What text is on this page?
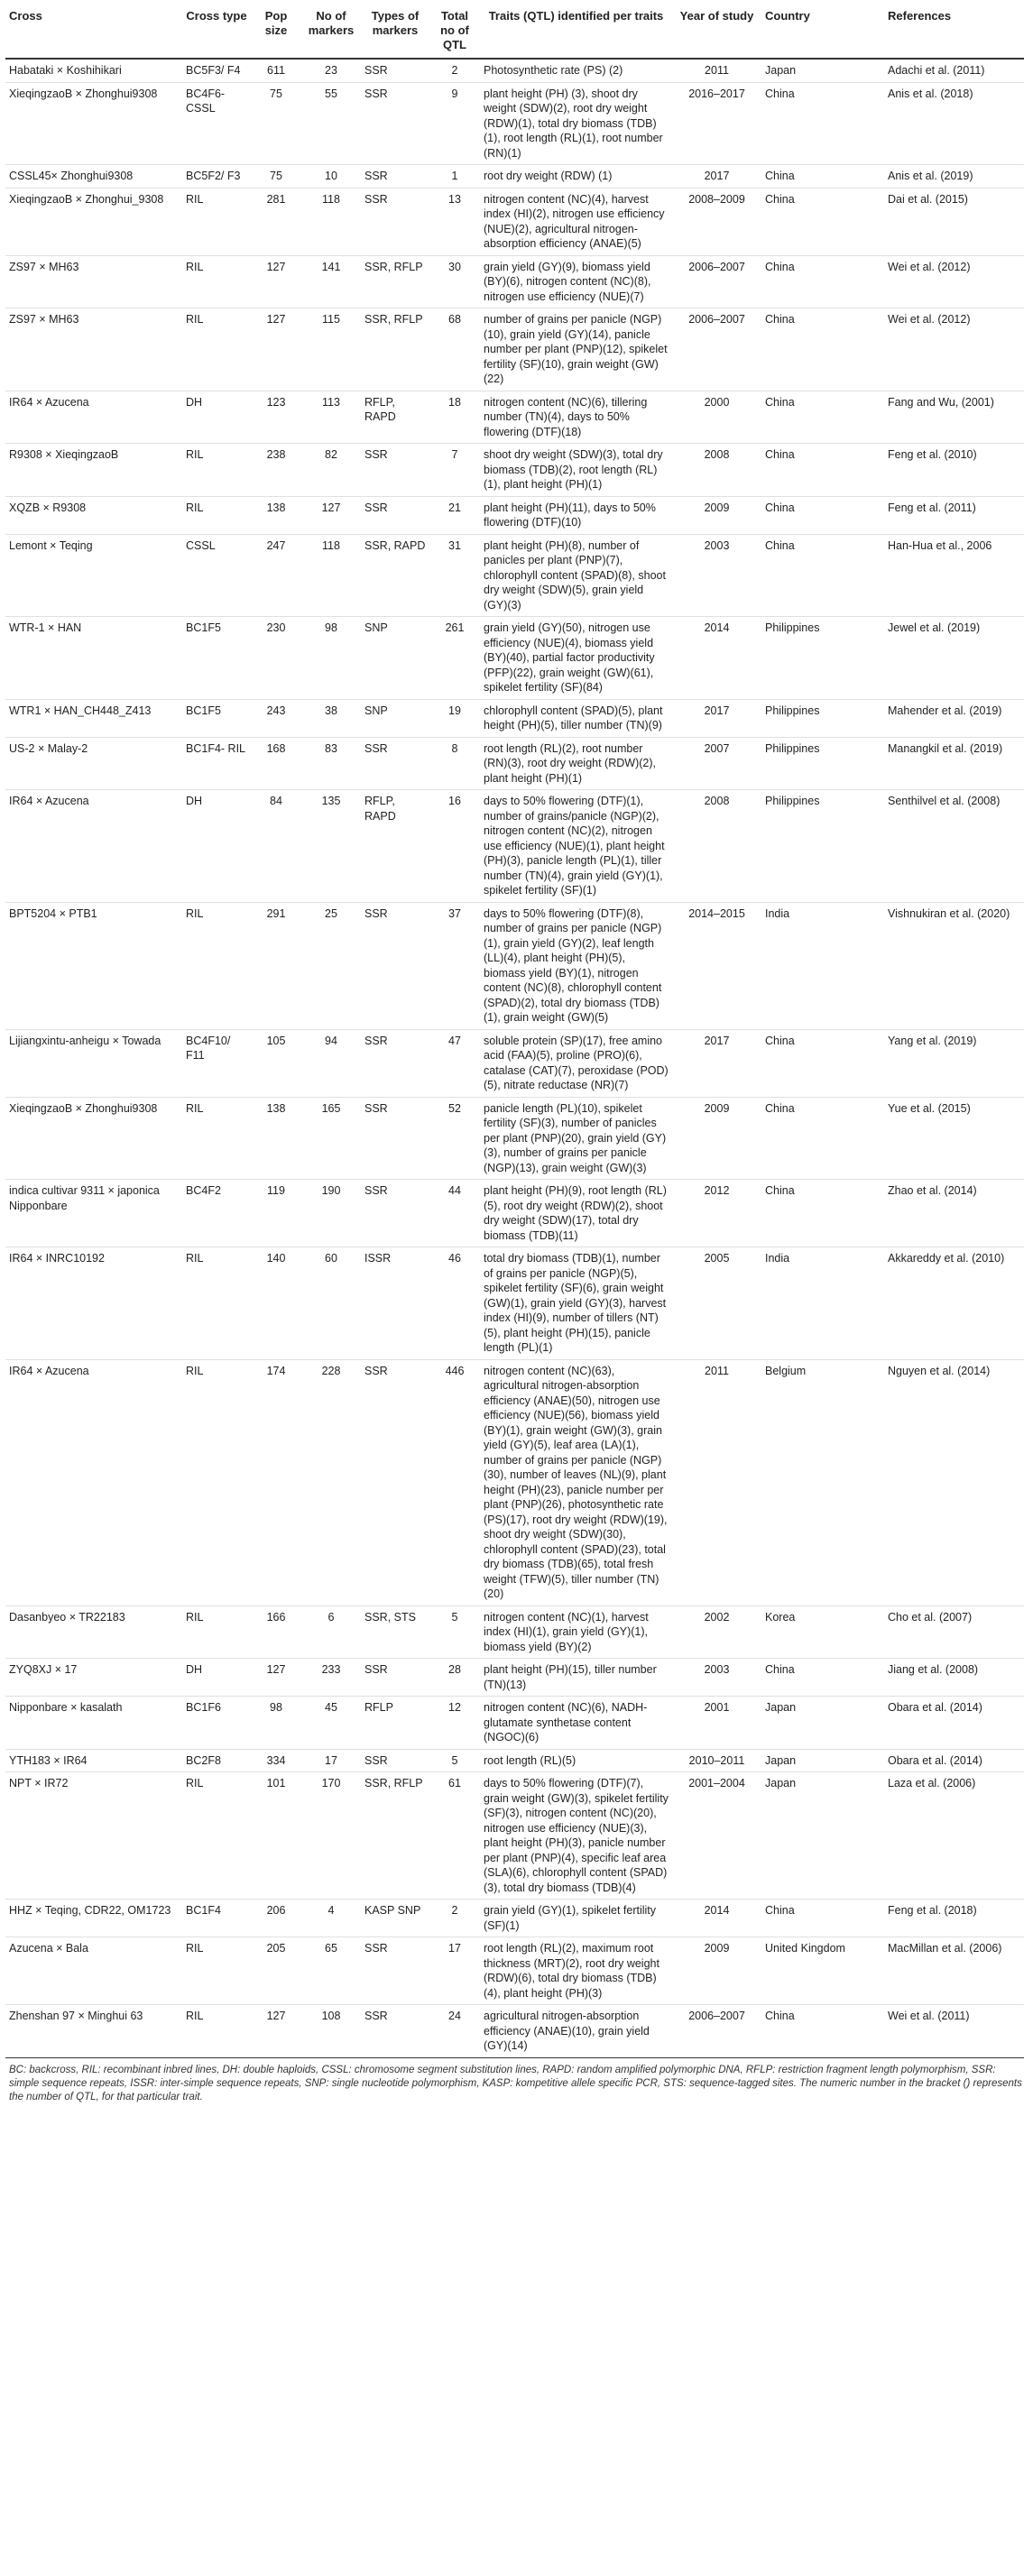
Cross	Cross type	Pop size	No of markers	Types of markers	Total no of QTL	Traits (QTL) identified per traits	Year of study	Country	References
Habataki × Koshihikari	BC5F3/ F4	611	23	SSR	2	Photosynthetic rate (PS) (2)	2011	Japan	Adachi et al. (2011)
XieqingzaoB × Zhonghui9308	BC4F6- CSSL	75	55	SSR	9	plant height (PH) (3), shoot dry weight (SDW)(2), root dry weight (RDW)(1), total dry biomass (TDB)(1), root length (RL)(1), root number (RN)(1)	2016–2017	China	Anis et al. (2018)
CSSL45× Zhonghui9308	BC5F2/ F3	75	10	SSR	1	root dry weight (RDW) (1)	2017	China	Anis et al. (2019)
XieqingzaoB × Zhonghui_9308	RIL	281	118	SSR	13	nitrogen content (NC)(4), harvest index (HI)(2), nitrogen use efficiency (NUE)(2), agricultural nitrogen-absorption efficiency (ANAE)(5)	2008–2009	China	Dai et al. (2015)
ZS97 × MH63	RIL	127	141	SSR, RFLP	30	grain yield (GY)(9), biomass yield (BY)(6), nitrogen content (NC)(8), nitrogen use efficiency (NUE)(7)	2006–2007	China	Wei et al. (2012)
ZS97 × MH63	RIL	127	115	SSR, RFLP	68	number of grains per panicle (NGP)(10), grain yield (GY)(14), panicle number per plant (PNP)(12), spikelet fertility (SF)(10), grain weight (GW)(22)	2006–2007	China	Wei et al. (2012)
IR64 × Azucena	DH	123	113	RFLP, RAPD	18	nitrogen content (NC)(6), tillering number (TN)(4), days to 50% flowering (DTF)(18)	2000	China	Fang and Wu, (2001)
R9308 × XieqingzaoB	RIL	238	82	SSR	7	shoot dry weight (SDW)(3), total dry biomass (TDB)(2), root length (RL)(1), plant height (PH)(1)	2008	China	Feng et al. (2010)
XQZB × R9308	RIL	138	127	SSR	21	plant height (PH)(11), days to 50% flowering (DTF)(10)	2009	China	Feng et al. (2011)
Lemont × Teqing	CSSL	247	118	SSR, RAPD	31	plant height (PH)(8), number of panicles per plant (PNP)(7), chlorophyll content (SPAD)(8), shoot dry weight (SDW)(5), grain yield (GY)(3)	2003	China	Han-Hua et al., 2006
WTR-1 × HAN	BC1F5	230	98	SNP	261	grain yield (GY)(50), nitrogen use efficiency (NUE)(4), biomass yield (BY)(40), partial factor productivity (PFP)(22), grain weight (GW)(61), spikelet fertility (SF)(84)	2014	Philippines	Jewel et al. (2019)
WTR1 × HAN_CH448_Z413	BC1F5	243	38	SNP	19	chlorophyll content (SPAD)(5), plant height (PH)(5), tiller number (TN)(9)	2017	Philippines	Mahender et al. (2019)
US-2 × Malay-2	BC1F4- RIL	168	83	SSR	8	root length (RL)(2), root number (RN)(3), root dry weight (RDW)(2), plant height (PH)(1)	2007	Philippines	Manangkil et al. (2019)
IR64 × Azucena	DH	84	135	RFLP, RAPD	16	days to 50% flowering (DTF)(1), number of grains/panicle (NGP)(2), nitrogen content (NC)(2), nitrogen use efficiency (NUE)(1), plant height (PH)(3), panicle length (PL)(1), tiller number (TN)(4), grain yield (GY)(1), spikelet fertility (SF)(1)	2008	Philippines	Senthilvel et al. (2008)
BPT5204 × PTB1	RIL	291	25	SSR	37	days to 50% flowering (DTF)(8), number of grains per panicle (NGP)(1), grain yield (GY)(2), leaf length (LL)(4), plant height (PH)(5), biomass yield (BY)(1), nitrogen content (NC)(8), chlorophyll content (SPAD)(2), total dry biomass (TDB)(1), grain weight (GW)(5)	2014–2015	India	Vishnukiran et al. (2020)
Lijiangxintu-anheigu × Towada	BC4F10/ F11	105	94	SSR	47	soluble protein (SP)(17), free amino acid (FAA)(5), proline (PRO)(6), catalase (CAT)(7), peroxidase (POD)(5), nitrate reductase (NR)(7)	2017	China	Yang et al. (2019)
XieqingzaoB × Zhonghui9308	RIL	138	165	SSR	52	panicle length (PL)(10), spikelet fertility (SF)(3), number of panicles per plant (PNP)(20), grain yield (GY)(3), number of grains per panicle (NGP)(13), grain weight (GW)(3)	2009	China	Yue et al. (2015)
indica cultivar 9311 × japonica Nipponbare	BC4F2	119	190	SSR	44	plant height (PH)(9), root length (RL)(5), root dry weight (RDW)(2), shoot dry weight (SDW)(17), total dry biomass (TDB)(11)	2012	China	Zhao et al. (2014)
IR64 × INRC10192	RIL	140	60	ISSR	46	total dry biomass (TDB)(1), number of grains per panicle (NGP)(5), spikelet fertility (SF)(6), grain weight (GW)(1), grain yield (GY)(3), harvest index (HI)(9), number of tillers (NT)(5), plant height (PH)(15), panicle length (PL)(1)	2005	India	Akkareddy et al. (2010)
IR64 × Azucena	RIL	174	228	SSR	446	nitrogen content (NC)(63), agricultural nitrogen-absorption efficiency (ANAE)(50), nitrogen use efficiency (NUE)(56), biomass yield (BY)(1), grain weight (GW)(3), grain yield (GY)(5), leaf area (LA)(1), number of grains per panicle (NGP)(30), number of leaves (NL)(9), plant height (PH)(23), panicle number per plant (PNP)(26), photosynthetic rate (PS)(17), root dry weight (RDW)(19), shoot dry weight (SDW)(30), chlorophyll content (SPAD)(23), total dry biomass (TDB)(65), total fresh weight (TFW)(5), tiller number (TN)(20)	2011	Belgium	Nguyen et al. (2014)
Dasanbyeo × TR22183	RIL	166	6	SSR, STS	5	nitrogen content (NC)(1), harvest index (HI)(1), grain yield (GY)(1), biomass yield (BY)(2)	2002	Korea	Cho et al. (2007)
ZYQ8XJ × 17	DH	127	233	SSR	28	plant height (PH)(15), tiller number (TN)(13)	2003	China	Jiang et al. (2008)
Nipponbare × kasalath	BC1F6	98	45	RFLP	12	nitrogen content (NC)(6), NADH-glutamate synthetase content (NGOC)(6)	2001	Japan	Obara et al. (2014)
YTH183 × IR64	BC2F8	334	17	SSR	5	root length (RL)(5)	2010–2011	Japan	Obara et al. (2014)
NPT × IR72	RIL	101	170	SSR, RFLP	61	days to 50% flowering (DTF)(7), grain weight (GW)(3), spikelet fertility (SF)(3), nitrogen content (NC)(20), nitrogen use efficiency (NUE)(3), plant height (PH)(3), panicle number per plant (PNP)(4), specific leaf area (SLA)(6), chlorophyll content (SPAD)(3), total dry biomass (TDB)(4)	2001–2004	Japan	Laza et al. (2006)
HHZ × Teqing, CDR22, OM1723	BC1F4	206	4	KASP SNP	2	grain yield (GY)(1), spikelet fertility (SF)(1)	2014	China	Feng et al. (2018)
Azucena × Bala	RIL	205	65	SSR	17	root length (RL)(2), maximum root thickness (MRT)(2), root dry weight (RDW)(6), total dry biomass (TDB)(4), plant height (PH)(3)	2009	United Kingdom	MacMillan et al. (2006)
Zhenshan 97 × Minghui 63	RIL	127	108	SSR	24	agricultural nitrogen-absorption efficiency (ANAE)(10), grain yield (GY)(14)	2006–2007	China	Wei et al. (2011)
BC: backcross, RIL: recombinant inbred lines, DH: double haploids, CSSL: chromosome segment substitution lines, RAPD: random amplified polymorphic DNA, RFLP: restriction fragment length polymorphism, SSR: simple sequence repeats, ISSR: inter-simple sequence repeats, SNP: single nucleotide polymorphism, KASP: kompetitive allele specific PCR, STS: sequence-tagged sites. The numeric number in the bracket () represents the number of QTL, for that particular trait.
